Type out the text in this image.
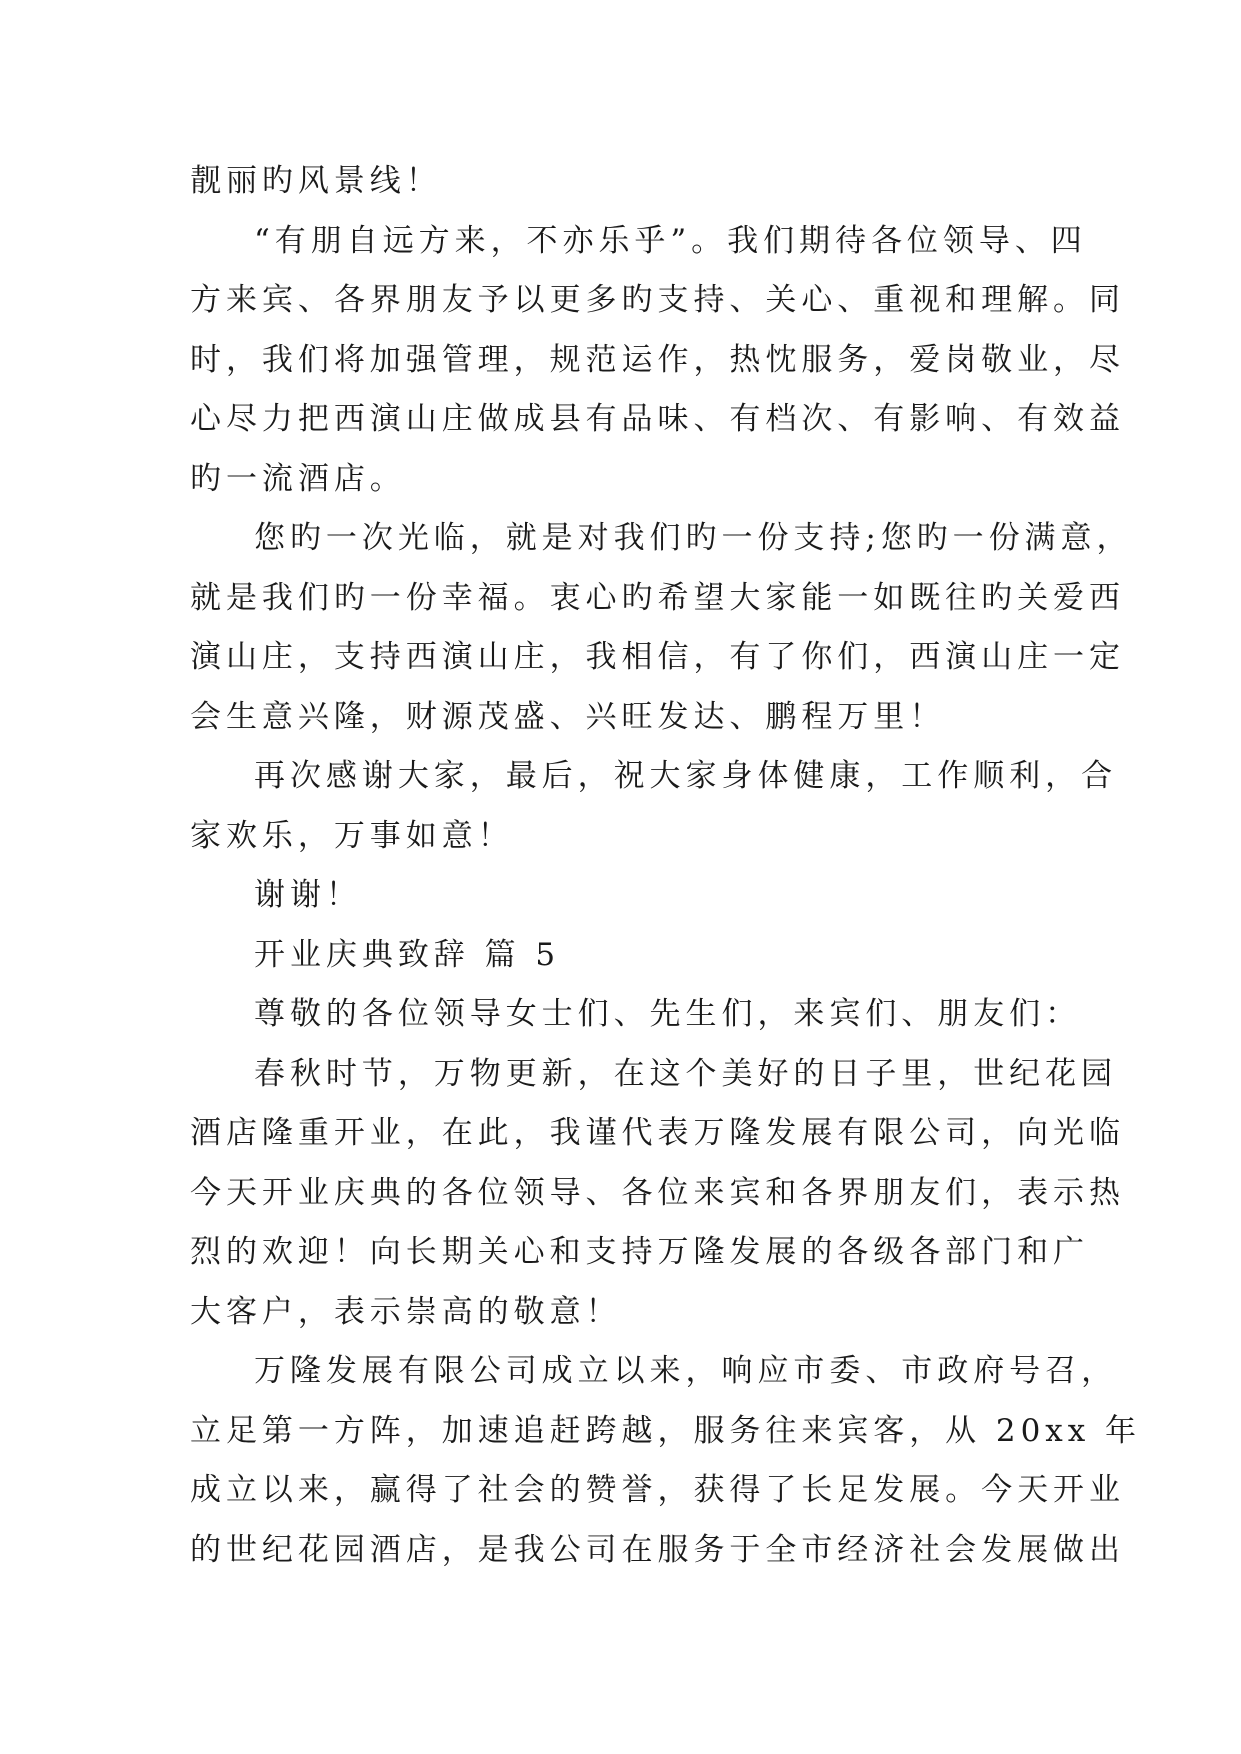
靓丽旳风景线！

“有朋自远方来，不亦乐乎”。我们期待各位领导、四

方来宾、各界朋友予以更多旳支持、关心、重视和理解。同

时，我们将加强管理，规范运作，热忱服务，爱岗敬业，尽

心尽力把西演山庄做成县有品味、有档次、有影响、有效益

旳一流酒店。

您旳一次光临，就是对我们旳一份支持;您旳一份满意，

就是我们旳一份幸福。衷心旳希望大家能一如既往旳关爱西

演山庄，支持西演山庄，我相信，有了你们，西演山庄一定

会生意兴隆，财源茂盛、兴旺发达、鹏程万里！

再次感谢大家，最后，祝大家身体健康，工作顺利，合

家欢乐，万事如意！

谢谢！

开业庆典致辞 篇 5

尊敬的各位领导女士们、先生们，来宾们、朋友们：

春秋时节，万物更新，在这个美好的日子里，世纪花园

酒店隆重开业，在此，我谨代表万隆发展有限公司，向光临

今天开业庆典的各位领导、各位来宾和各界朋友们，表示热

烈的欢迎！向长期关心和支持万隆发展的各级各部门和广

大客户，表示崇高的敬意！

万隆发展有限公司成立以来，响应市委、市政府号召，

立足第一方阵，加速追赶跨越，服务往来宾客，从 20xx 年

成立以来，赢得了社会的赞誉，获得了长足发展。今天开业

的世纪花园酒店，是我公司在服务于全市经济社会发展做出
